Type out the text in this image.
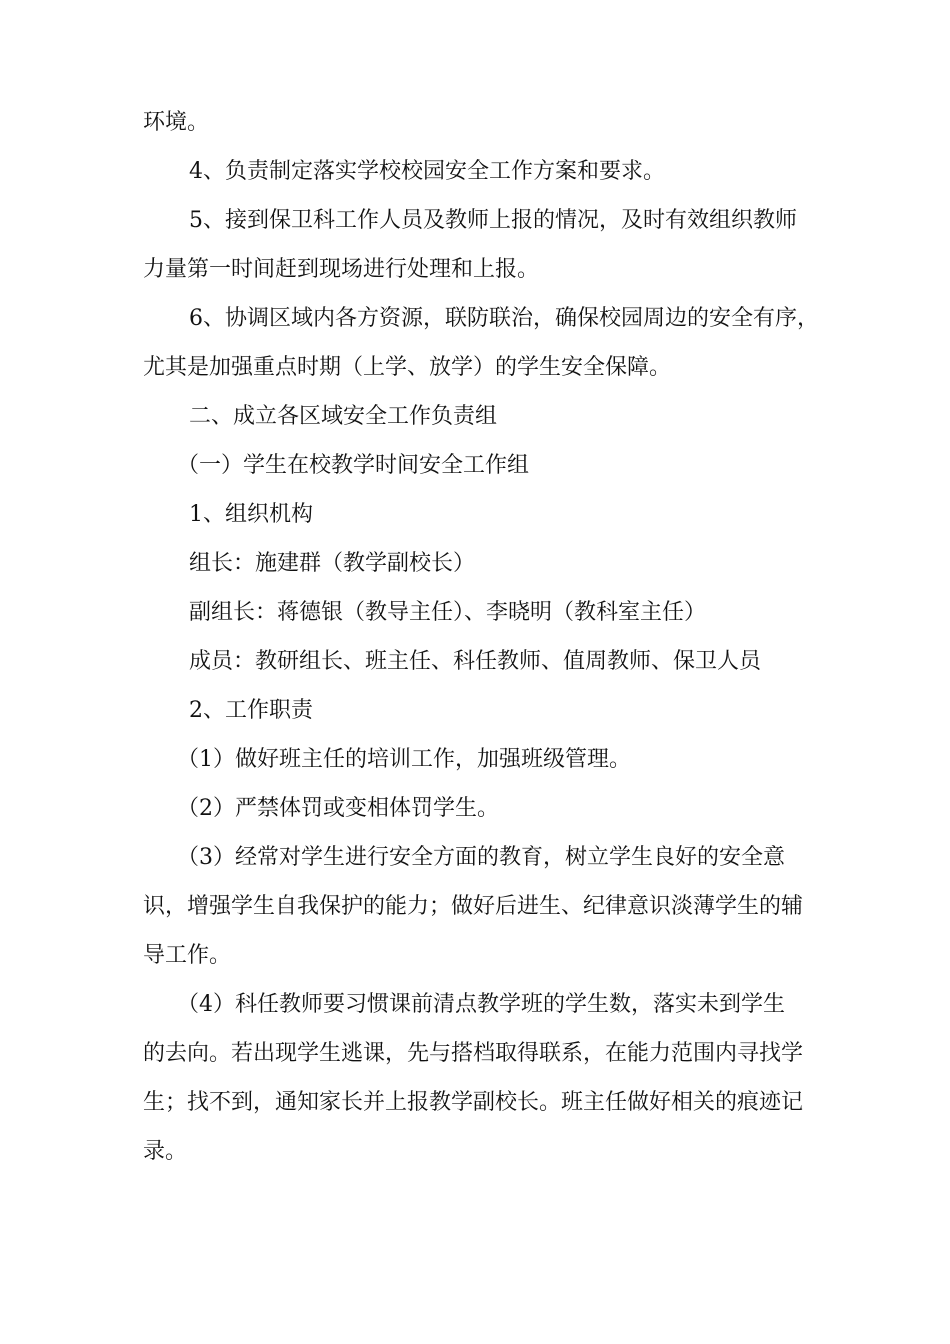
环境。
4、负责制定落实学校校园安全工作方案和要求。
5、接到保卫科工作人员及教师上报的情况，及时有效组织教师
力量第一时间赶到现场进行处理和上报。
6、协调区域内各方资源，联防联治，确保校园周边的安全有序，
尤其是加强重点时期（上学、放学）的学生安全保障。
二、成立各区域安全工作负责组
（一）学生在校教学时间安全工作组
1、组织机构
组长：施建群（教学副校长）
副组长：蒋德银（教导主任）、李晓明（教科室主任）
成员：教研组长、班主任、科任教师、值周教师、保卫人员
2、工作职责
（1）做好班主任的培训工作，加强班级管理。
（2）严禁体罚或变相体罚学生。
（3）经常对学生进行安全方面的教育，树立学生良好的安全意
识，增强学生自我保护的能力；做好后进生、纪律意识淡薄学生的辅
导工作。
（4）科任教师要习惯课前清点教学班的学生数，落实未到学生
的去向。若出现学生逃课，先与搭档取得联系，在能力范围内寻找学
生；找不到，通知家长并上报教学副校长。班主任做好相关的痕迹记
录。
